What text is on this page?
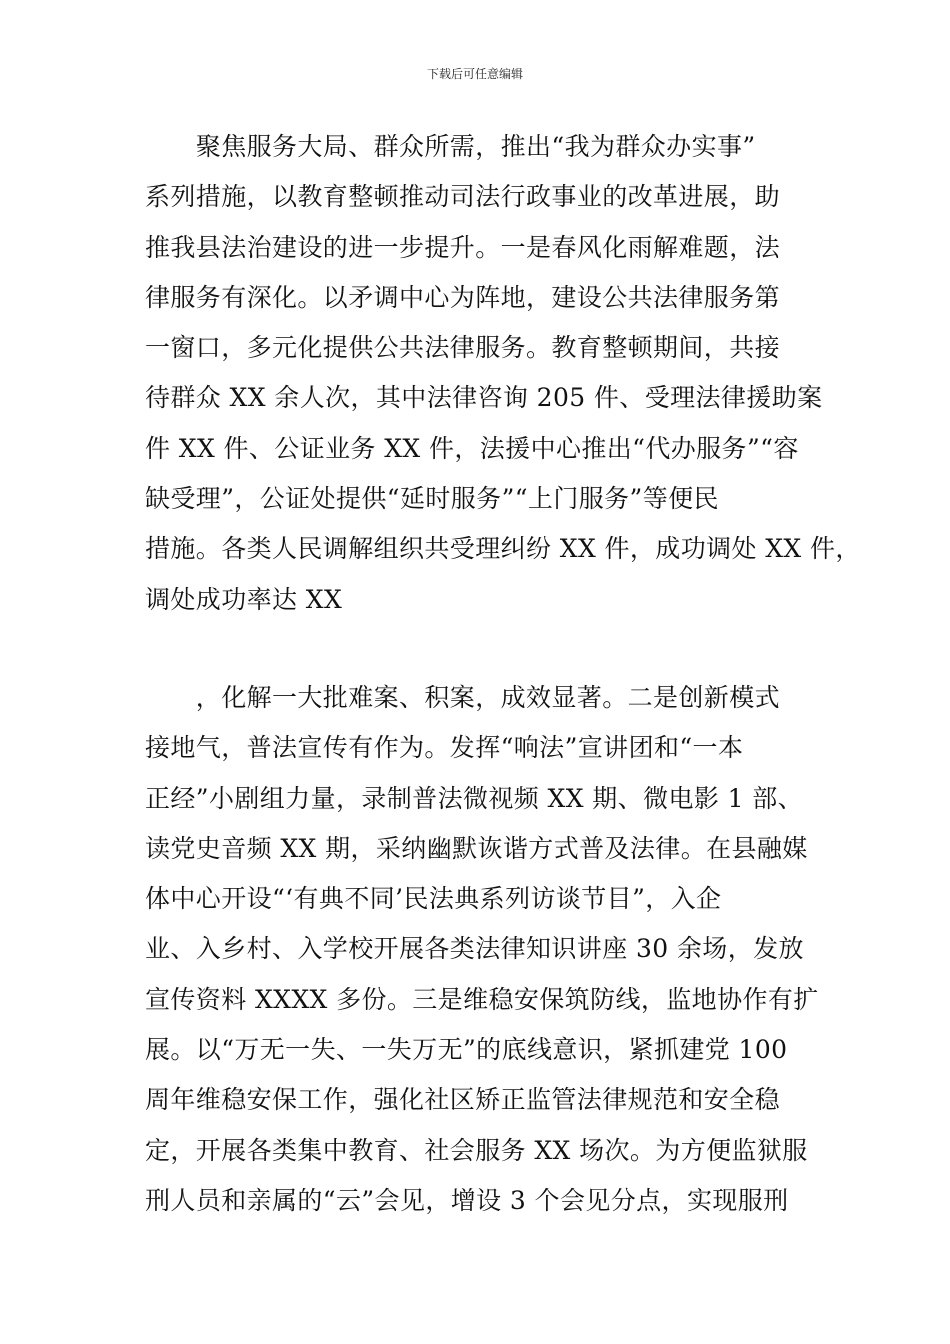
下载后可任意编辑
　　聚焦服务大局、群众所需，推出“我为群众办实事”
系列措施，以教育整顿推动司法行政事业的改革进展，助
推我县法治建设的进一步提升。一是春风化雨解难题，法
律服务有深化。以矛调中心为阵地，建设公共法律服务第
一窗口，多元化提供公共法律服务。教育整顿期间，共接
待群众 XX 余人次，其中法律咨询 205 件、受理法律援助案
件 XX 件、公证业务 XX 件，法援中心推出“代办服务”“容
缺受理”，公证处提供“延时服务”“上门服务”等便民
措施。各类人民调解组织共受理纠纷 XX 件，成功调处 XX 件，
调处成功率达 XX
　　，化解一大批难案、积案，成效显著。二是创新模式
接地气，普法宣传有作为。发挥“响法”宣讲团和“一本
正经”小剧组力量，录制普法微视频 XX 期、微电影 1 部、
读党史音频 XX 期，采纳幽默诙谐方式普及法律。在县融媒
体中心开设“‘有典不同’民法典系列访谈节目”，入企
业、入乡村、入学校开展各类法律知识讲座 30 余场，发放
宣传资料 XXXX 多份。三是维稳安保筑防线，监地协作有扩
展。以“万无一失、一失万无”的底线意识，紧抓建党 100
周年维稳安保工作，强化社区矫正监管法律规范和安全稳
定，开展各类集中教育、社会服务 XX 场次。为方便监狱服
刑人员和亲属的“云”会见，增设 3 个会见分点，实现服刑
